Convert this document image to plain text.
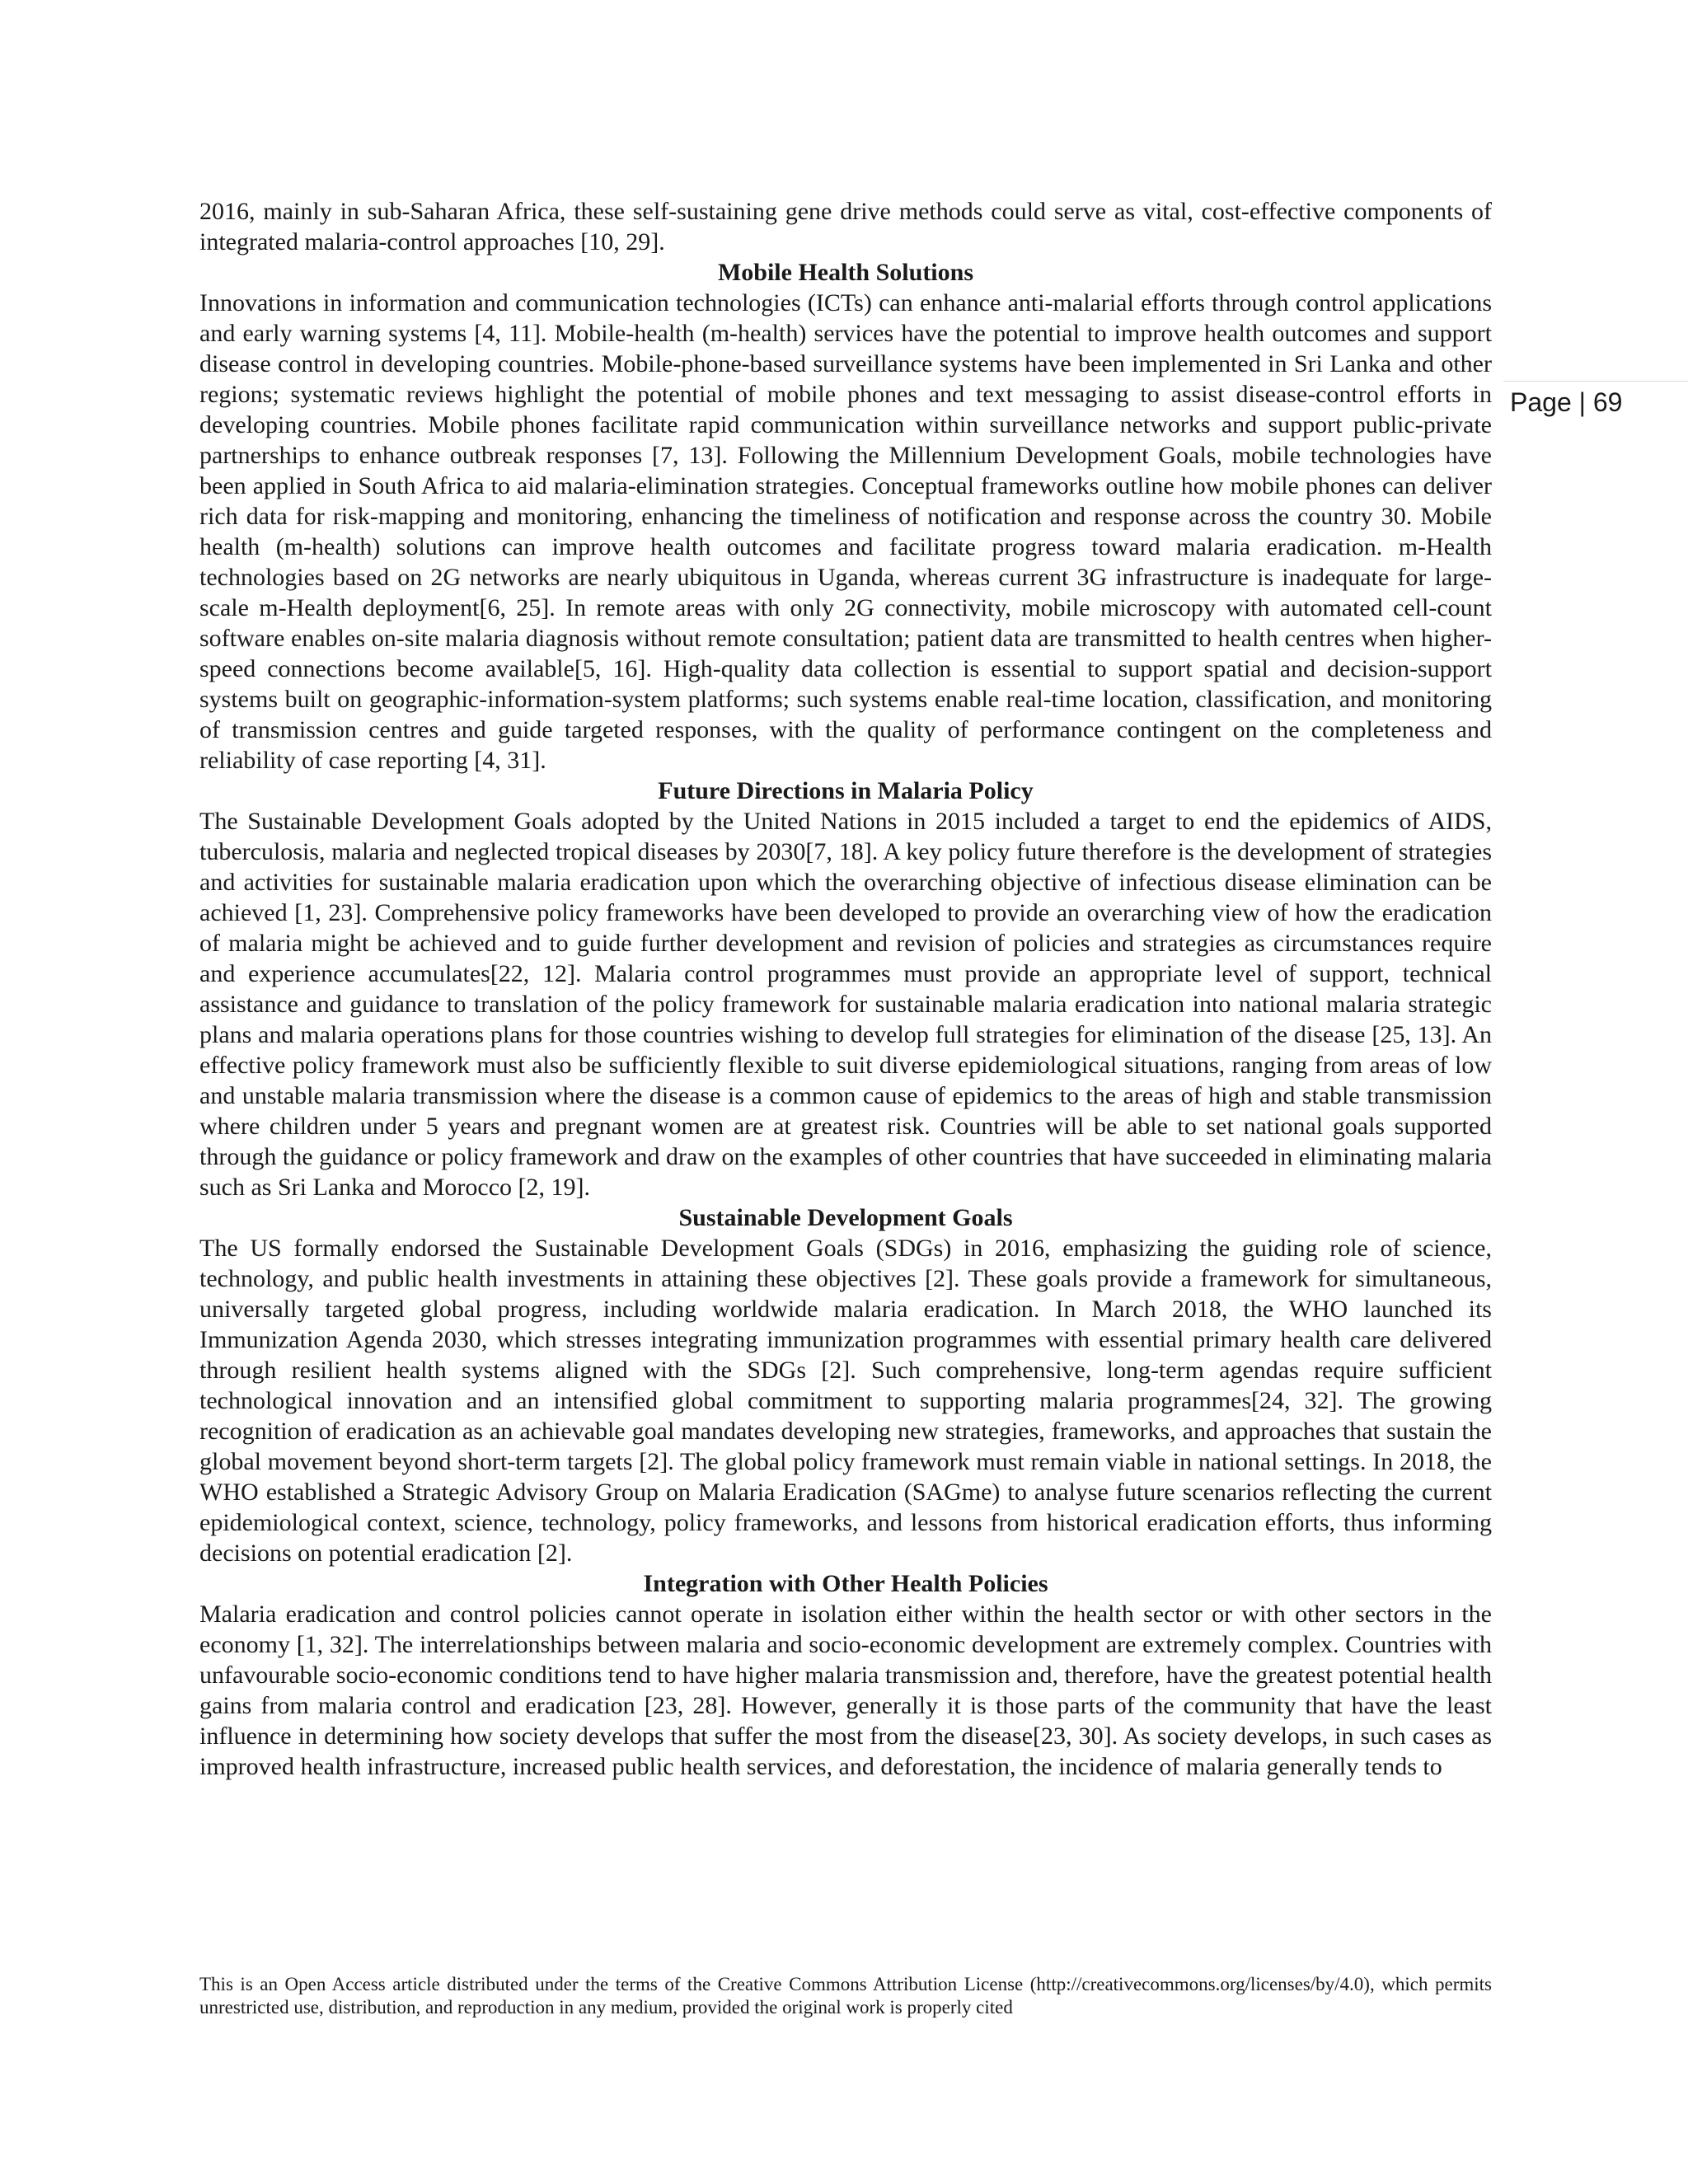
Page | 69

2016, mainly in sub-Saharan Africa, these self-sustaining gene drive methods could serve as vital, cost-effective components of integrated malaria-control approaches [10, 29].

Mobile Health Solutions

Innovations in information and communication technologies (ICTs) can enhance anti-malarial efforts through control applications and early warning systems [4, 11]. Mobile-health (m-health) services have the potential to improve health outcomes and support disease control in developing countries. Mobile-phone-based surveillance systems have been implemented in Sri Lanka and other regions; systematic reviews highlight the potential of mobile phones and text messaging to assist disease-control efforts in developing countries. Mobile phones facilitate rapid communication within surveillance networks and support public-private partnerships to enhance outbreak responses [7, 13]. Following the Millennium Development Goals, mobile technologies have been applied in South Africa to aid malaria-elimination strategies. Conceptual frameworks outline how mobile phones can deliver rich data for risk-mapping and monitoring, enhancing the timeliness of notification and response across the country 30. Mobile health (m-health) solutions can improve health outcomes and facilitate progress toward malaria eradication. m-Health technologies based on 2G networks are nearly ubiquitous in Uganda, whereas current 3G infrastructure is inadequate for large-scale m-Health deployment[6, 25]. In remote areas with only 2G connectivity, mobile microscopy with automated cell-count software enables on-site malaria diagnosis without remote consultation; patient data are transmitted to health centres when higher-speed connections become available[5, 16]. High-quality data collection is essential to support spatial and decision-support systems built on geographic-information-system platforms; such systems enable real-time location, classification, and monitoring of transmission centres and guide targeted responses, with the quality of performance contingent on the completeness and reliability of case reporting [4, 31].

Future Directions in Malaria Policy

The Sustainable Development Goals adopted by the United Nations in 2015 included a target to end the epidemics of AIDS, tuberculosis, malaria and neglected tropical diseases by 2030[7, 18]. A key policy future therefore is the development of strategies and activities for sustainable malaria eradication upon which the overarching objective of infectious disease elimination can be achieved [1, 23]. Comprehensive policy frameworks have been developed to provide an overarching view of how the eradication of malaria might be achieved and to guide further development and revision of policies and strategies as circumstances require and experience accumulates[22, 12]. Malaria control programmes must provide an appropriate level of support, technical assistance and guidance to translation of the policy framework for sustainable malaria eradication into national malaria strategic plans and malaria operations plans for those countries wishing to develop full strategies for elimination of the disease [25, 13]. An effective policy framework must also be sufficiently flexible to suit diverse epidemiological situations, ranging from areas of low and unstable malaria transmission where the disease is a common cause of epidemics to the areas of high and stable transmission where children under 5 years and pregnant women are at greatest risk. Countries will be able to set national goals supported through the guidance or policy framework and draw on the examples of other countries that have succeeded in eliminating malaria such as Sri Lanka and Morocco [2, 19].

Sustainable Development Goals

The US formally endorsed the Sustainable Development Goals (SDGs) in 2016, emphasizing the guiding role of science, technology, and public health investments in attaining these objectives [2]. These goals provide a framework for simultaneous, universally targeted global progress, including worldwide malaria eradication. In March 2018, the WHO launched its Immunization Agenda 2030, which stresses integrating immunization programmes with essential primary health care delivered through resilient health systems aligned with the SDGs [2]. Such comprehensive, long-term agendas require sufficient technological innovation and an intensified global commitment to supporting malaria programmes[24, 32]. The growing recognition of eradication as an achievable goal mandates developing new strategies, frameworks, and approaches that sustain the global movement beyond short-term targets [2]. The global policy framework must remain viable in national settings. In 2018, the WHO established a Strategic Advisory Group on Malaria Eradication (SAGme) to analyse future scenarios reflecting the current epidemiological context, science, technology, policy frameworks, and lessons from historical eradication efforts, thus informing decisions on potential eradication [2].

Integration with Other Health Policies

Malaria eradication and control policies cannot operate in isolation either within the health sector or with other sectors in the economy [1, 32]. The interrelationships between malaria and socio-economic development are extremely complex. Countries with unfavourable socio-economic conditions tend to have higher malaria transmission and, therefore, have the greatest potential health gains from malaria control and eradication [23, 28]. However, generally it is those parts of the community that have the least influence in determining how society develops that suffer the most from the disease[23, 30]. As society develops, in such cases as improved health infrastructure, increased public health services, and deforestation, the incidence of malaria generally tends to

This is an Open Access article distributed under the terms of the Creative Commons Attribution License (http://creativecommons.org/licenses/by/4.0), which permits unrestricted use, distribution, and reproduction in any medium, provided the original work is properly cited
